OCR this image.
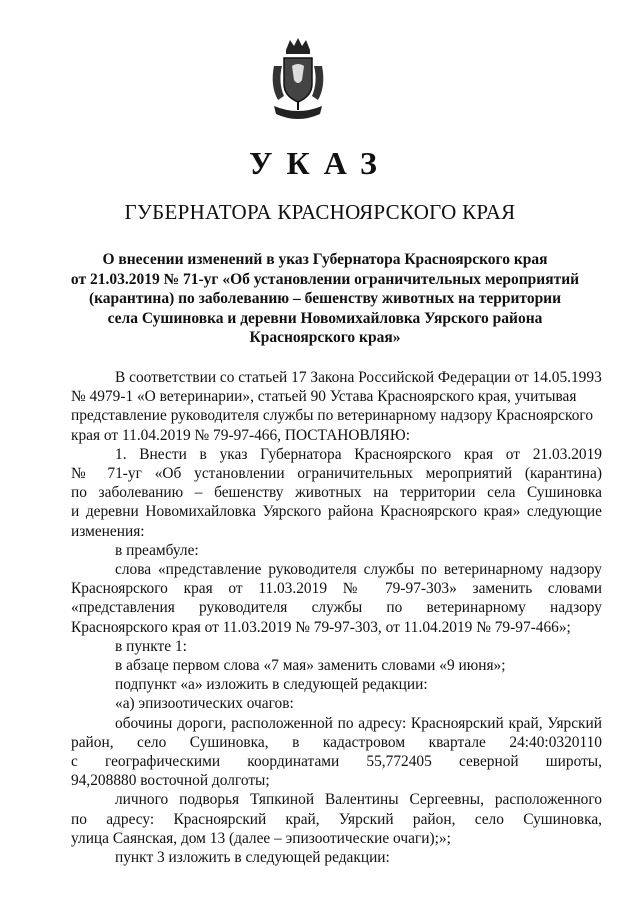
УКАЗ
ГУБЕРНАТОРА КРАСНОЯРСКОГО КРАЯ
О внесении изменений в указ Губернатора Красноярского края
от 21.03.2019 № 71-уг «Об установлении ограничительных мероприятий
(карантина) по заболеванию – бешенству животных на территории
села Сушиновка и деревни Новомихайловка Уярского района
Красноярского края»
В соответствии со статьей 17 Закона Российской Федерации от 14.05.1993
№ 4979-1 «О ветеринарии», статьей 90 Устава Красноярского края, учитывая
представление руководителя службы по ветеринарному надзору Красноярского
края от 11.04.2019 № 79-97-466, ПОСТАНОВЛЯЮ:
1. Внести в указ Губернатора Красноярского края от 21.03.2019
№ 71-уг «Об установлении ограничительных мероприятий (карантина)
по заболеванию – бешенству животных на территории села Сушиновка
и деревни Новомихайловка Уярского района Красноярского края» следующие
изменения:
в преамбуле:
слова «представление руководителя службы по ветеринарному надзору
Красноярского края от 11.03.2019 № 79-97-303» заменить словами
«представления руководителя службы по ветеринарному надзору
Красноярского края от 11.03.2019 № 79-97-303, от 11.04.2019 № 79-97-466»;
в пункте 1:
в абзаце первом слова «7 мая» заменить словами «9 июня»;
подпункт «а» изложить в следующей редакции:
«а) эпизоотических очагов:
обочины дороги, расположенной по адресу: Красноярский край, Уярский
район, село Сушиновка, в кадастровом квартале 24:40:0320110
с географическими координатами 55,772405 северной широты,
94,208880 восточной долготы;
личного подворья Тяпкиной Валентины Сергеевны, расположенного
по адресу: Красноярский край, Уярский район, село Сушиновка,
улица Саянская, дом 13 (далее – эпизоотические очаги);»;
пункт 3 изложить в следующей редакции:
